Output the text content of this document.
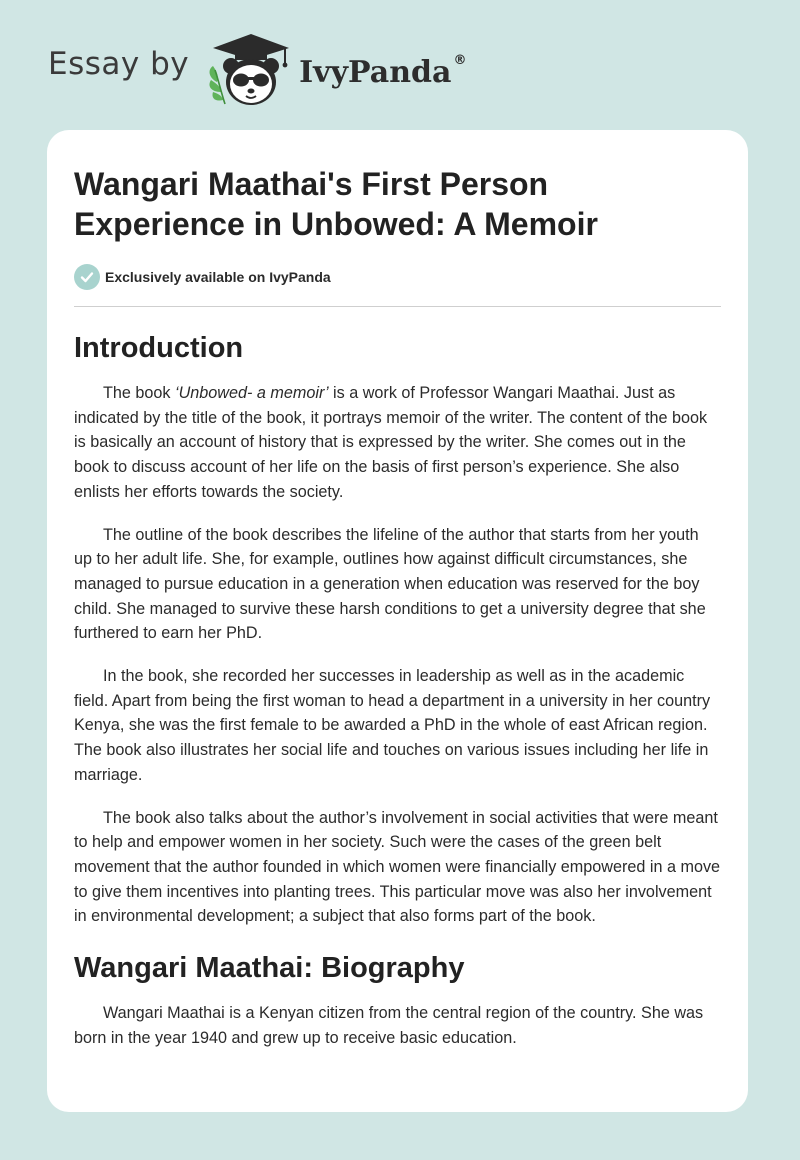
Essay by	IvyPanda ®
Wangari Maathai's First Person Experience in Unbowed: A Memoir
Exclusively available on IvyPanda
Introduction

The book ‘Unbowed- a memoir’ is a work of Professor Wangari Maathai. Just as indicated by the title of the book, it portrays memoir of the writer. The content of the book is basically an account of history that is expressed by the writer. She comes out in the book to discuss account of her life on the basis of first person’s experience. She also enlists her efforts towards the society.

The outline of the book describes the lifeline of the author that starts from her youth up to her adult life. She, for example, outlines how against difficult circumstances, she managed to pursue education in a generation when education was reserved for the boy child. She managed to survive these harsh conditions to get a university degree that she furthered to earn her PhD.

In the book, she recorded her successes in leadership as well as in the academic field. Apart from being the first woman to head a department in a university in her country Kenya, she was the first female to be awarded a PhD in the whole of east African region. The book also illustrates her social life and touches on various issues including her life in marriage.

The book also talks about the author’s involvement in social activities that were meant to help and empower women in her society. Such were the cases of the green belt movement that the author founded in which women were financially empowered in a move to give them incentives into planting trees. This particular move was also her involvement in environmental development; a subject that also forms part of the book.

Wangari Maathai: Biography

Wangari Maathai is a Kenyan citizen from the central region of the country. She was born in the year 1940 and grew up to receive basic education.
